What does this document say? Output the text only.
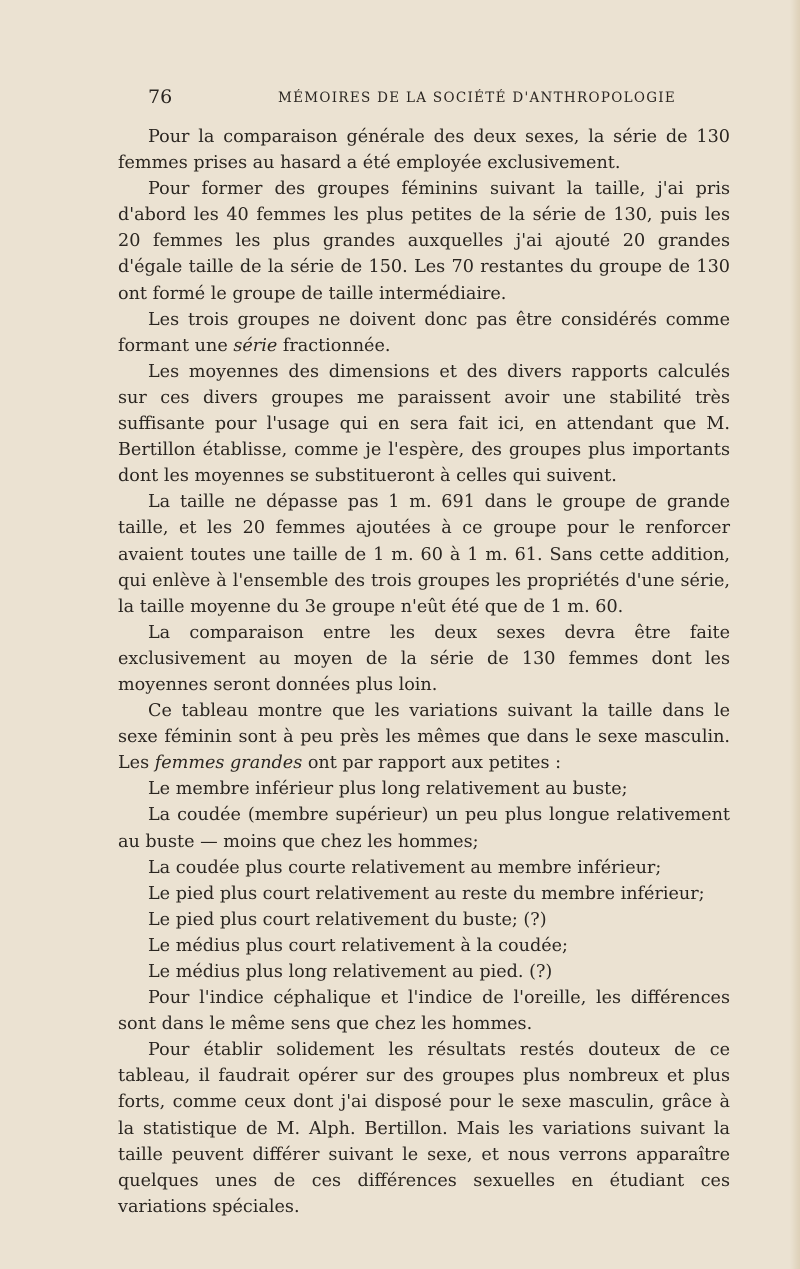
76	MÉMOIRES DE LA SOCIÉTÉ D'ANTHROPOLOGIE

Pour la comparaison générale des deux sexes, la série de 130 femmes prises au hasard a été employée exclusivement.

Pour former des groupes féminins suivant la taille, j'ai pris d'abord les 40 femmes les plus petites de la série de 130, puis les 20 femmes les plus grandes auxquelles j'ai ajouté 20 grandes d'égale taille de la série de 150. Les 70 restantes du groupe de 130 ont formé le groupe de taille intermédiaire.

Les trois groupes ne doivent donc pas être considérés comme formant une série fractionnée.

Les moyennes des dimensions et des divers rapports calculés sur ces divers groupes me paraissent avoir une stabilité très suffisante pour l'usage qui en sera fait ici, en attendant que M. Bertillon établisse, comme je l'espère, des groupes plus importants dont les moyennes se substitueront à celles qui suivent.

La taille ne dépasse pas 1 m. 691 dans le groupe de grande taille, et les 20 femmes ajoutées à ce groupe pour le renforcer avaient toutes une taille de 1 m. 60 à 1 m. 61. Sans cette addition, qui enlève à l'ensemble des trois groupes les propriétés d'une série, la taille moyenne du 3e groupe n'eût été que de 1 m. 60.

La comparaison entre les deux sexes devra être faite exclusivement au moyen de la série de 130 femmes dont les moyennes seront données plus loin.

Ce tableau montre que les variations suivant la taille dans le sexe féminin sont à peu près les mêmes que dans le sexe masculin. Les femmes grandes ont par rapport aux petites :

Le membre inférieur plus long relativement au buste;

La coudée (membre supérieur) un peu plus longue relativement au buste — moins que chez les hommes;

La coudée plus courte relativement au membre inférieur;

Le pied plus court relativement au reste du membre inférieur;

Le pied plus court relativement du buste; (?)

Le médius plus court relativement à la coudée;

Le médius plus long relativement au pied. (?)

Pour l'indice céphalique et l'indice de l'oreille, les différences sont dans le même sens que chez les hommes.

Pour établir solidement les résultats restés douteux de ce tableau, il faudrait opérer sur des groupes plus nombreux et plus forts, comme ceux dont j'ai disposé pour le sexe masculin, grâce à la statistique de M. Alph. Bertillon. Mais les variations suivant la taille peuvent différer suivant le sexe, et nous verrons apparaître quelques unes de ces différences sexuelles en étudiant ces variations spéciales.
